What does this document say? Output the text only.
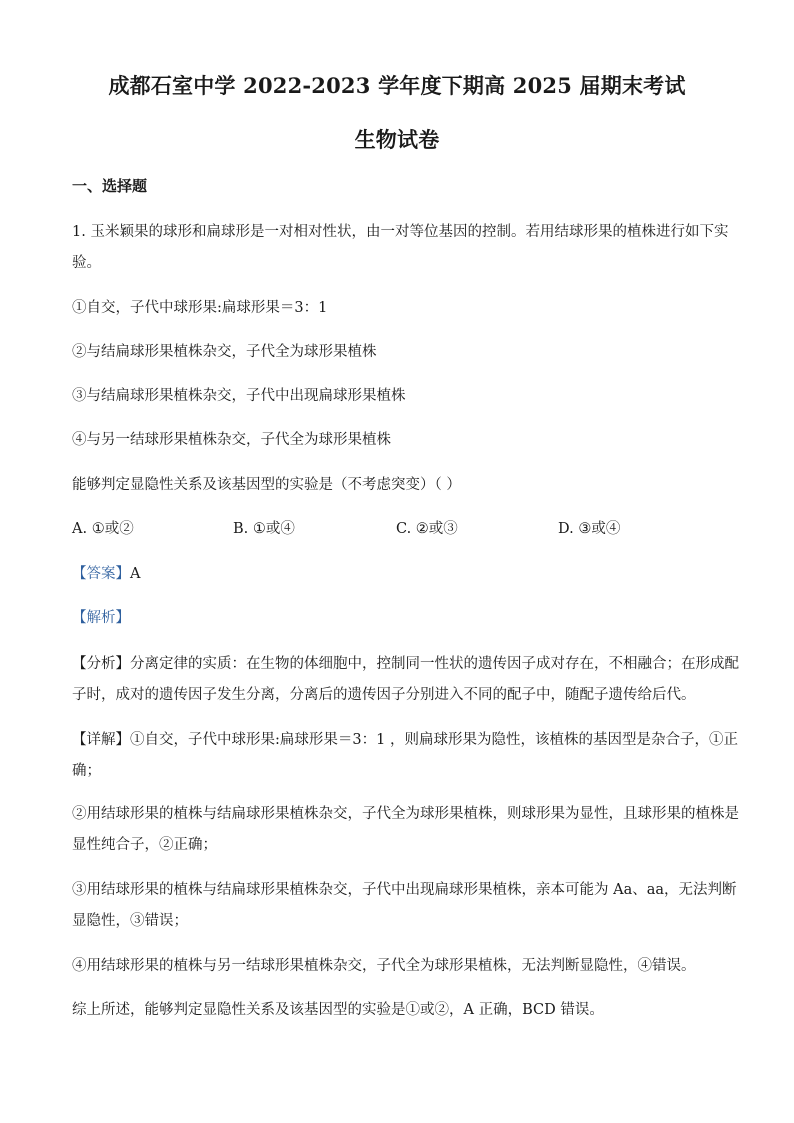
成都石室中学 2022-2023 学年度下期高 2025 届期末考试
生物试卷
一、选择题
1. 玉米颖果的球形和扁球形是一对相对性状，由一对等位基因的控制。若用结球形果的植株进行如下实
验。
①自交，子代中球形果:扁球形果＝3：1
②与结扁球形果植株杂交，子代全为球形果植株
③与结扁球形果植株杂交，子代中出现扁球形果植株
④与另一结球形果植株杂交，子代全为球形果植株
能够判定显隐性关系及该基因型的实验是（不考虑突变）（ ）
A. ①或②	B. ①或④	C. ②或③	D. ③或④
【答案】A
【解析】
【分析】分离定律的实质：在生物的体细胞中，控制同一性状的遗传因子成对存在，不相融合；在形成配
子时，成对的遗传因子发生分离，分离后的遗传因子分别进入不同的配子中，随配子遗传给后代。
【详解】①自交，子代中球形果:扁球形果＝3：1 ，则扁球形果为隐性，该植株的基因型是杂合子，①正
确；
②用结球形果的植株与结扁球形果植株杂交，子代全为球形果植株，则球形果为显性，且球形果的植株是
显性纯合子，②正确；
③用结球形果的植株与结扁球形果植株杂交，子代中出现扁球形果植株，亲本可能为 Aa、aa，无法判断
显隐性，③错误；
④用结球形果的植株与另一结球形果植株杂交，子代全为球形果植株，无法判断显隐性，④错误。
综上所述，能够判定显隐性关系及该基因型的实验是①或②，A 正确，BCD 错误。
